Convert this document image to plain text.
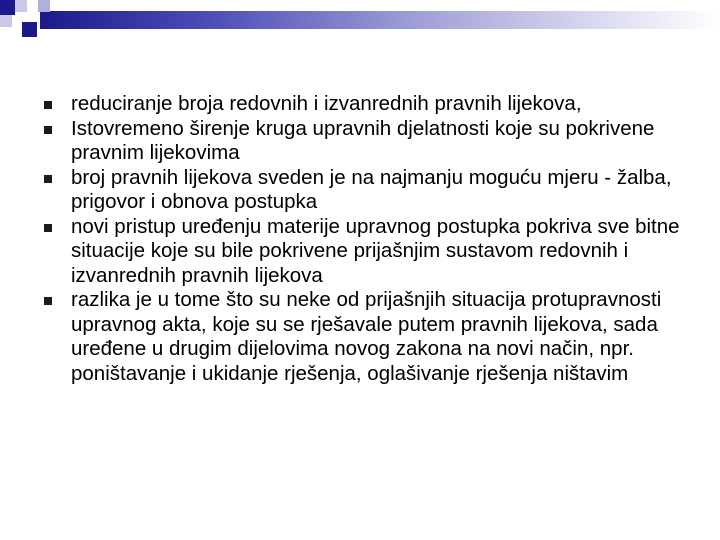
reduciranje broja redovnih i izvanrednih pravnih lijekova,
Istovremeno širenje kruga upravnih djelatnosti koje su pokrivene pravnim lijekovima
broj pravnih lijekova sveden je na najmanju moguću mjeru - žalba, prigovor i obnova postupka
novi pristup uređenju materije upravnog postupka pokriva sve bitne situacije koje su bile pokrivene prijašnjim sustavom redovnih i izvanrednih pravnih lijekova
razlika je u tome što su neke od prijašnjih situacija protupravnosti upravnog akta, koje su se rješavale putem pravnih lijekova, sada uređene u drugim dijelovima novog zakona na novi način, npr. poništavanje i ukidanje rješenja, oglašivanje rješenja ništavim
